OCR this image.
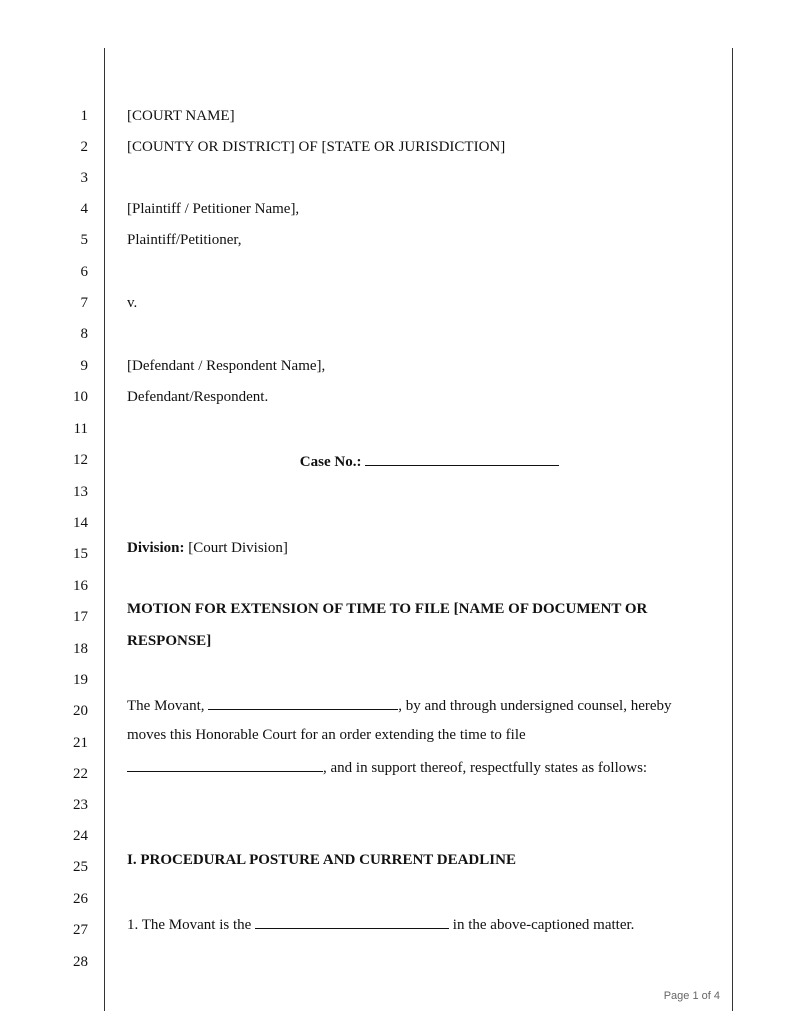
1
2
3
4
5
6
7
8
9
10
11
12
13
14
15
16
17
18
19
20
21
22
23
24
25
26
27
28
[COURT NAME]
[COUNTY OR DISTRICT] OF [STATE OR JURISDICTION]
[Plaintiff / Petitioner Name],
Plaintiff/Petitioner,
v.
[Defendant / Respondent Name],
Defendant/Respondent.
Case No.:
Division: [Court Division]
MOTION FOR EXTENSION OF TIME TO FILE [NAME OF DOCUMENT OR
RESPONSE]
The Movant,	, by and through undersigned counsel, hereby
moves this Honorable Court for an order extending the time to file
, and in support thereof, respectfully states as follows:
I. PROCEDURAL POSTURE AND CURRENT DEADLINE
1. The Movant is the	in the above-captioned matter.
Page 1 of 4
